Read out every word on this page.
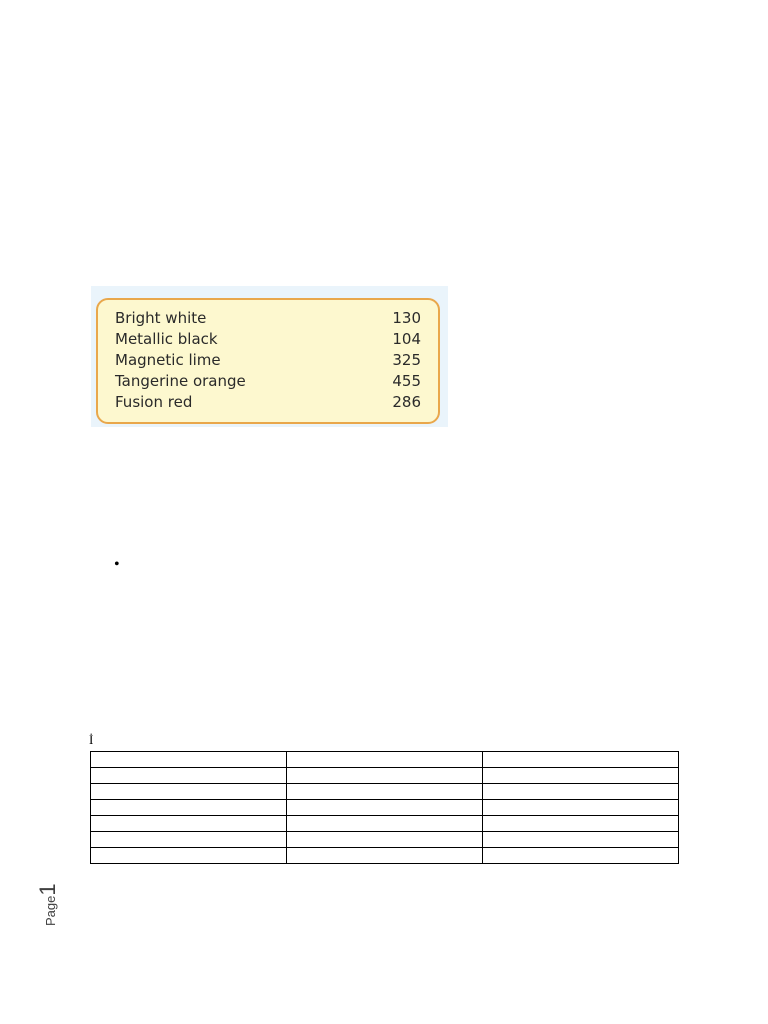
Bright white	130
Metallic black	104
Magnetic lime	325
Tangerine orange	455
Fusion red	286
•
İ

Page1
